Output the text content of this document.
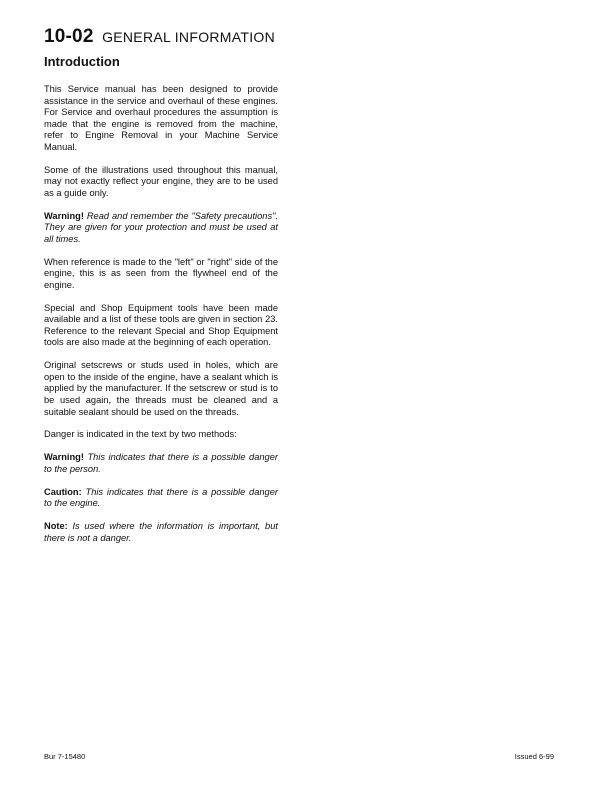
10-02 GENERAL INFORMATION
Introduction

This Service manual has been designed to provide assistance in the service and overhaul of these engines. For Service and overhaul procedures the assumption is made that the engine is removed from the machine, refer to Engine Removal in your Machine Service Manual.

Some of the illustrations used throughout this manual, may not exactly reflect your engine, they are to be used as a guide only.

Warning! Read and remember the "Safety precautions". They are given for your protection and must be used at all times.

When reference is made to the "left" or "right" side of the engine, this is as seen from the flywheel end of the engine.

Special and Shop Equipment tools have been made available and a list of these tools are given in section 23. Reference to the relevant Special and Shop Equipment tools are also made at the beginning of each operation.

Original setscrews or studs used in holes, which are open to the inside of the engine, have a sealant which is applied by the manufacturer. If the setscrew or stud is to be used again, the threads must be cleaned and a suitable sealant should be used on the threads.

Danger is indicated in the text by two methods:

Warning! This indicates that there is a possible danger to the person.

Caution: This indicates that there is a possible danger to the engine.

Note: Is used where the information is important, but there is not a danger.

Bur 7-15480	Issued 6-99
